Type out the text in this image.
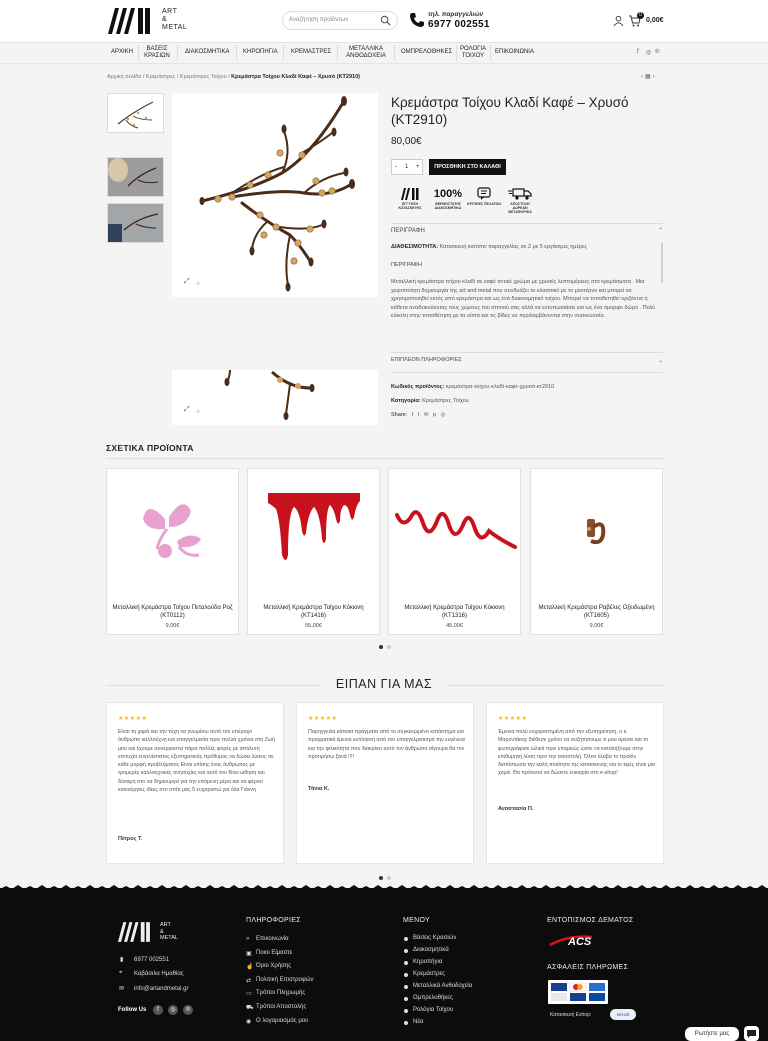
ART
&
METAL
Αναζήτηση προϊόντων
τηλ. παραγγελιών
6977 002551
0
0,00€
ΑΡΧΙΚΗ	ΒΑΣΕΙΣ ΚΡΑΣΙΩΝ
ΔΙΑΚΟΣΜΗΤΙΚΑ ΚΗΡΟΠΗΓΙΑ ΚΡΕΜΑΣΤΡΕΣ	ΜΕΤΑΛΛΙΚΑ ΑΝΘΟΔΟΧΕΙΑ
ΟΜΠΡΕΛΟΘΗΚΕΣ ΡΟΛΟΓΙΑ ΤΟΙΧΟΥ
ΕΠΙΚΟΙΝΩΝΙΑ	f ◎ ℗
Αρχική σελίδα / Κρεμάστρες / Κρεμάστρες Τοίχου / Κρεμάστρα Τοίχου Κλαδί Καφέ – Χρυσό (ΚΤ2910)	‹▦›
⤢ ⊹
⤢ ⊹
Κρεμάστρα Τοίχου Κλαδί Καφέ – Χρυσό (ΚΤ2910)
80,00€
- 1 +	ΠΡΟΣΘΗΚΗ ΣΤΟ ΚΑΛΑΘΙ
ΕΓΓΥΗΣΗ ΚΑΤΑΣΚΕΥΗΣ
100%
ΘΕΡΜΟΣΤΑΤΗΣ ΔΙΑΚΟΣΜΗΤΙΚΑ
ΚΡΙΤΙΚΕΣ ΠΕΛΑΤΩΝ	ΑΠΟΣΤΟΛΗ ΔΩΡΕΑΝ ΜΕΤΑΦΟΡΙΚΑ
ΠΕΡΙΓΡΑΦΗ	⌃
ΔΙΑΘΕΣΙΜΟΤΗΤΑ: Κατασκευή κατόπιν παραγγελίας σε 2 με 5 εργάσιμες ημέρες
ΠΕΡΙΓΡΑΦΗ
Μεταλλική κρεμάστρα τοίχου κλαδί σε καφέ αντικέ χρώμα με χρυσές λεπτομέρειες στα κρεμάσματα . Μια χειροποίητη δημιουργία της art and metal που συνδυάζει το κλασσικό με το μοντέρνο και μπορεί να χρησιμοποιηθεί εκτός από κρεμάστρα και ως ένα διακοσμητικό τοίχου. Μπορεί να τοποθετηθεί οριζόντια ή κάθετα αναδεικνύοντας τους χώρους του σπιτιού σας αλλά να εντυπωσιάσει και ως ένα όμορφο δώρο . Πολύ εύκολη στην τοποθέτηση με τα ούπα και τις βίδες να περιλαμβάνονται στην συσκευασία.
ΕΠΙΠΛΕΟΝ ΠΛΗΡΟΦΟΡΙΕΣ	⌄
Κωδικός προϊόντος: κρεμάστρα-τοίχου-κλαδί-καφέ-χρυσό-κτ2910
Κατηγορία: Κρεμάστρες Τοίχου
Share: f t ✉ p ◎
ΣΧΕΤΙΚΑ ΠΡΟΪΟΝΤΑ
Μεταλλική Κρεμάστρα Τοίχου Πεταλούδα Ροζ (ΚΤ0112)
9,00€
Μεταλλική Κρεμάστρα Τοίχου Κόκκινη (ΚΤ1416)
55,00€
Μεταλλική Κρεμάστρα Τοίχου Κόκκινη (ΚΤ1316)
45,00€
Μεταλλική Κρεμάστρα Ραβέλες Οξειδωμένη (ΚΤ1605)
9,00€
ΕΙΠΑΝ ΓΙΑ ΜΑΣ
★★★★★
Είναι τη χαρά και την τύχη να γνωρίσω αυτό τον υπέροχο άνθρωπο καλλιτέχνη και επαγγελματία πριν πολλά χρόνια στη Ζωή μου και έχουμε συνεργαστεί πάρα πολλές φορές με απόλυτη επιτυχία ευγενέστατος εξυπηρετικός πρόθυμος να δώσει λύσεις σε κάθε μορφή προβλήματος Είναι επίσης ένας άνθρωπος με τρομερές καλλιτεχνικές ανησυχίες και αυτό του δίνει ώθηση και δύναμη στο να δημιουργεί για την επόμενη μέρα και να φέρνει καινούργιες ιδέες στο σπίτι μας 5 ευχαριστώ για όλα Γιάννη
Πέτρος Τ.
★★★★★
Παρηγγειλα κάποια πράγματα από το συγκεκριμένο κατάστημα και πραγματικά έμεινα εκπληκτή από τον επαγγελματισμό την ευγένεια και την φιλικότητα που διακρίνει αυτό τον άνθρωπο σίγουρα θα τον προτιμήσω ξανά !!!!
Τάνια Κ.
★★★★★
Έμεινα πολύ ευχαριστημένη από την εξυπηρέτηση, ο κ. Μαροντάκης διέθεσε χρόνο να συζητήσουμε τι μου αρέσει και το φωτογράφισε ώλικά πριν επαρκώς ώστε να καταλήξουμε στην επιθυμητή λύση πριν την αποστολή. Όλον έλαβα το προϊόν διαπίστωσα την καλή ποιότητα της κατασκευής και οι τιμές είναι μια χαρά. Θα πρότεινα να δώσετε ευκαιρία στο e-shop!
Αναστασία Π.
ART
&
METAL
▮ 6977 002551
⌖ Καβάσιλα Ημαθίας
✉ info@artandmetal.gr
Follow Us	f	◎	℗
ΠΛΗΡΟΦΟΡΙΕΣ
» Επικοινωνία
▣ Ποιοι Είμαστε
☝ Όροι Χρήσης
⇄ Πολιτική Επιστροφών
▭ Τρόποι Πληρωμής
⛟ Τρόποι Αποστολής
◉ Ο λογαριασμός μου
ΜΕΝΟΥ
Βάσεις Κρασιών
Διακοσμητικά
Κηροπήγια
Κρεμάστρες
Μεταλλικά Ανθοδοχεία
Ομπρελοθήκες
Ρολόγια Τοίχου
Νέα
ΕΝΤΟΠΙΣΜΟΣ ΔΕΜΑΤΟΣ
ACS
ΑΣΦΑΛΕΙΣ ΠΛΗΡΩΜΕΣ
Κατασκευή Eshop:	net.art
Ρωτήστε μας
